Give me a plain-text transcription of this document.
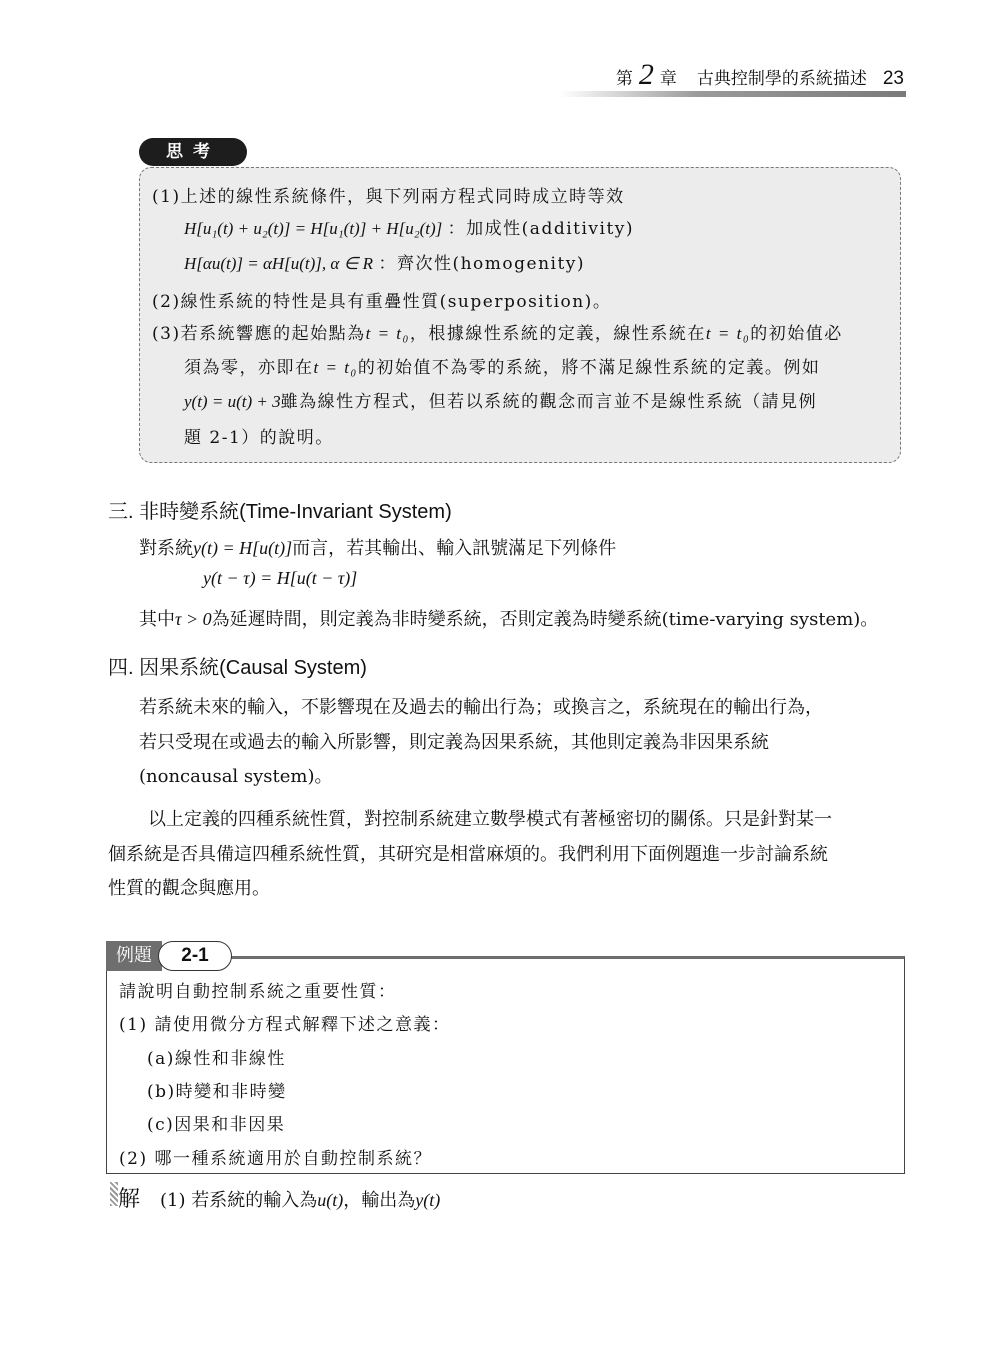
第 2 章 古典控制學的系統描述 23
思考
(1)上述的線性系統條件，與下列兩方程式同時成立時等效
H[u₁(t) + u₂(t)] = H[u₁(t)] + H[u₂(t)] ：加成性(additivity)
H[αu(t)] = αH[u(t)], α ∈ R ：齊次性(homogenity)
(2)線性系統的特性是具有重疊性質(superposition)。
(3)若系統響應的起始點為t = t₀，根據線性系統的定義，線性系統在t = t₀的初始值必
須為零，亦即在t = t₀的初始值不為零的系統，將不滿足線性系統的定義。例如
y(t) = u(t) + 3雖為線性方程式，但若以系統的觀念而言並不是線性系統（請見例
題 2-1）的說明。
三. 非時變系統(Time-Invariant System)
對系統y(t) = H[u(t)]而言，若其輸出、輸入訊號滿足下列條件
y(t − τ) = H[u(t − τ)]
其中τ > 0為延遲時間，則定義為非時變系統，否則定義為時變系統(time-varying system)。
四. 因果系統(Causal System)
若系統未來的輸入，不影響現在及過去的輸出行為；或換言之，系統現在的輸出行為，
若只受現在或過去的輸入所影響，則定義為因果系統，其他則定義為非因果系統
(noncausal system)。
以上定義的四種系統性質，對控制系統建立數學模式有著極密切的關係。只是針對某一
個系統是否具備這四種系統性質，其研究是相當麻煩的。我們利用下面例題進一步討論系統
性質的觀念與應用。
請說明自動控制系統之重要性質：
(1) 請使用微分方程式解釋下述之意義：
(a)線性和非線性
(b)時變和非時變
(c)因果和非因果
(2) 哪一種系統適用於自動控制系統？
例題	2-1
解 (1) 若系統的輸入為u(t)，輸出為y(t)
